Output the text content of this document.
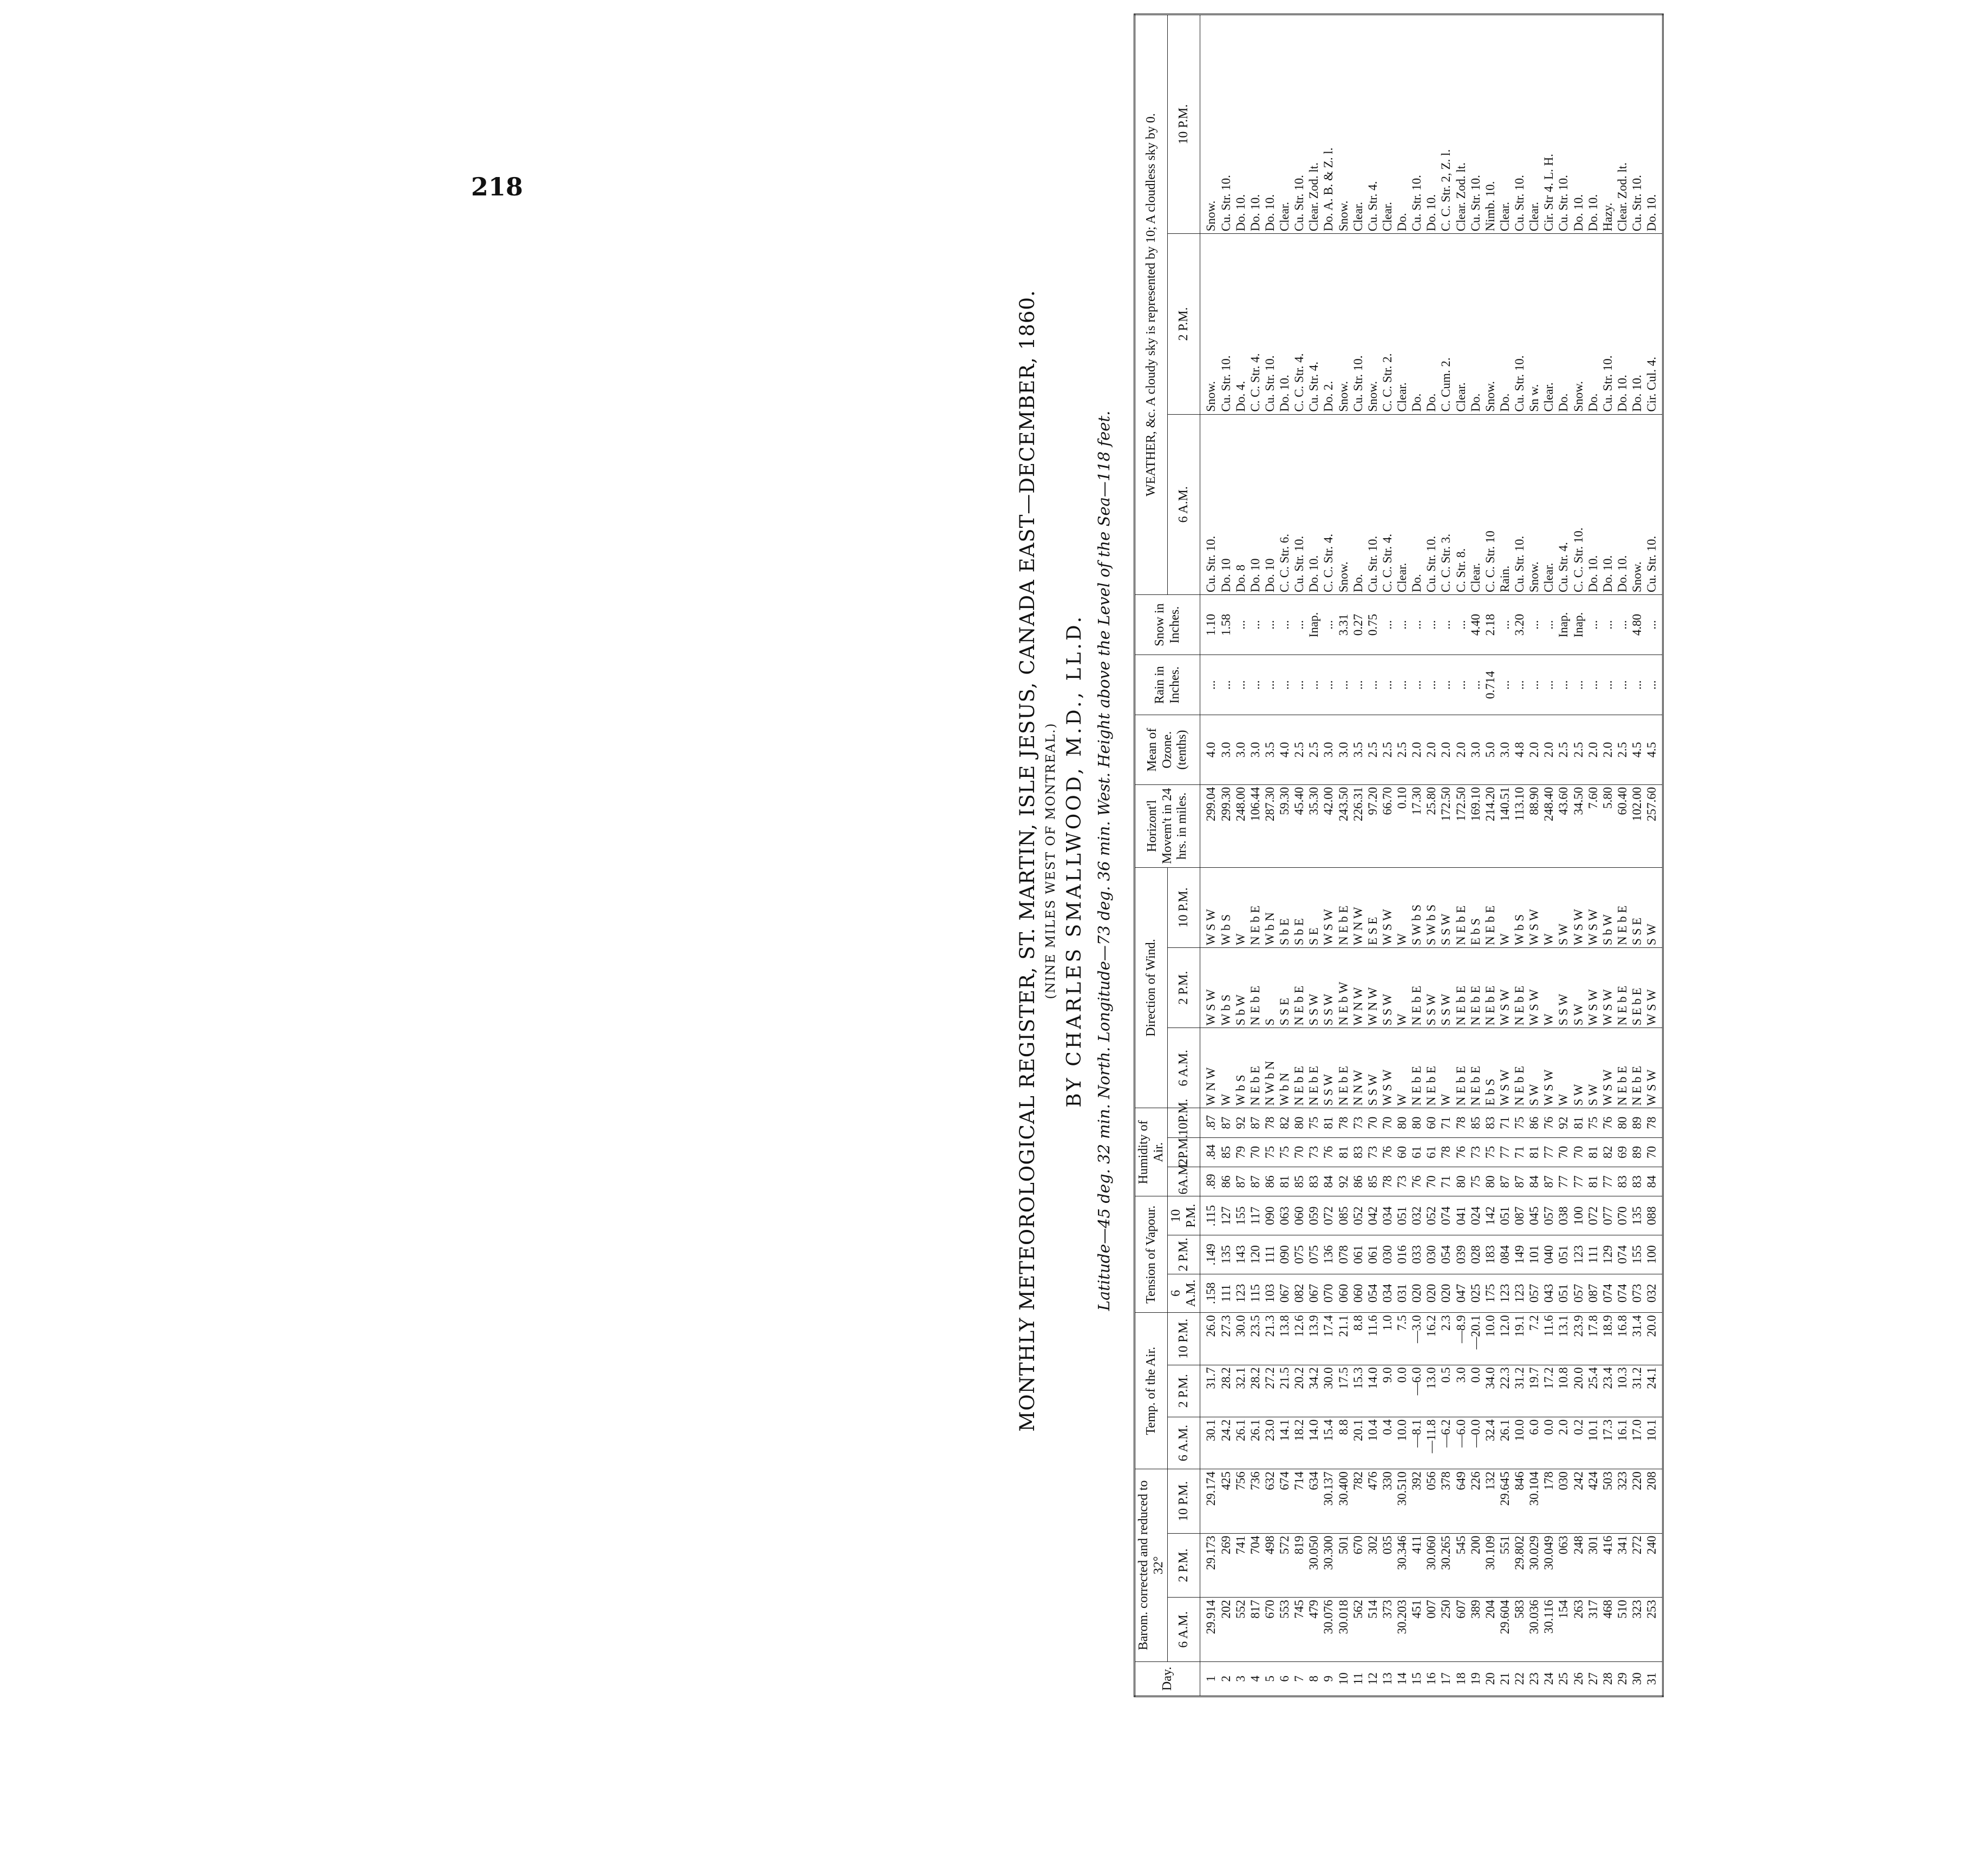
218
MONTHLY METEOROLOGICAL REGISTER, ST. MARTIN, ISLE JESUS, CANADA EAST—DECEMBER, 1860. (NINE MILES WEST OF MONTREAL.) BY CHARLES SMALLWOOD, M.D., LL.D. Latitude—45 deg. 32 min. North. Longitude—73 deg. 36 min. West. Height above the Level of the Sea—118 feet.
Day.	Barom. corrected and reduced to 32°			Temp. of the Air.			Tension of Vapour.			Humidity of Air.			Direction of Wind.			Horizont'l Movem't in 24 hrs. in miles.	Mean of Ozone. (tenths)	Rain in Inches.	Snow in Inches.	WEATHER, &c. A cloudy sky is represented by 10; A cloudless sky by 0.		
	6 A.M.	2 P.M.	10 P.M.	6 A.M.	2 P.M.	10 P.M.	6 A.M.	2 P.M.	10 P.M.	6A.M.	2P.M.	10P.M.	6 A.M.	2 P.M.	10 P.M.					6 A.M.	2 P.M.	10 P.M.
1	29.914	29.173	29.174	30.1	31.7	26.0	.158	.149	.115	.89	.84	.87	W N W	W S W	W S W	299.04	4.0	...	1.10	Cu. Str. 10.	Snow.	Snow.
2	202	269	425	24.2	28.2	27.3	111	135	127	86	85	87	W	W b S	W b S	299.30	3.0	...	1.58	Do. 10	Cu. Str. 10.	Cu. Str. 10.
3	552	741	756	26.1	32.1	30.0	123	143	155	87	79	92	W b S	S b W	W	248.00	3.0	...	...	Do. 8	Do. 4.	Do. 10.
4	817	704	736	26.1	28.2	23.5	115	120	117	87	70	87	N E b E	N E b E	N E b E	106.44	3.0	...	...	Do. 10	C. C. Str. 4.	Do. 10.
5	670	498	632	23.0	27.2	21.3	103	111	090	86	75	78	N W b N	S	W b N	287.30	3.5	...	...	Do. 10	Cu. Str. 10.	Do. 10.
6	553	572	674	14.1	21.5	13.8	067	090	063	81	75	82	W b N	S S E	S b E	59.30	4.0	...	...	C. C. Str. 6.	Do. 10.	Clear.
7	745	819	714	18.2	20.2	12.6	082	075	060	85	70	80	N E b E	N E b E	S b E	45.40	2.5	...	...	Cu. Str. 10.	C. C. Str. 4.	Cu. Str. 10.
8	479	30.050	634	14.0	34.2	13.9	067	075	059	83	73	75	N E b E	S S W	S E	35.30	2.5	...	Inap.	Do. 10.	Cu. Str. 4.	Clear. Zod. lt.
9	30.076	30.300	30.137	15.4	30.0	17.4	070	136	072	84	76	81	S S W	S S W	W S W	42.00	3.0	...	...	C. C. Str. 4.	Do. 2.	Do. A. B. & Z. l.
10	30.018	501	30.400	8.8	17.5	21.1	060	078	085	92	81	78	N E b E	N E b W	N E b E	243.50	3.0	...	3.31	Snow.	Snow.	Snow.
11	562	670	782	20.1	15.3	8.8	060	061	052	86	83	73	N N W	W N W	W N W	226.31	3.5	...	0.27	Do.	Cu. Str. 10.	Clear.
12	514	302	476	10.4	14.0	11.6	054	061	042	85	73	70	S S W	W N W	E S E	97.20	2.5	...	0.75	Cu. Str. 10.	Snow.	Cu. Str. 4.
13	373	035	330	0.4	9.0	1.0	034	030	034	78	76	70	W S W	S S W	W S W	66.70	2.5	...	...	C. C. Str. 4.	C. C. Str. 2.	Clear.
14	30.203	30.346	30.510	10.0	0.0	7.5	031	016	051	73	60	80	W	W	W	0.10	2.5	...	...	Clear.	Clear.	Do.
15	451	411	392	—8.1	—6.0	—3.0	020	033	032	76	61	80	N E b E	N E b E	S W b S	17.30	2.0	...	...	Do.	Do.	Cu. Str. 10.
16	007	30.060	056	—11.8	13.0	16.2	020	030	052	70	61	60	N E b E	S S W	S W b S	25.80	2.0	...	...	Cu. Str. 10.	Do.	Do. 10.
17	250	30.265	378	—6.2	0.5	2.3	020	054	074	71	78	71	W	S S W	S S W	172.50	2.0	...	...	C. C. Str. 3.	C. Cum. 2.	C. C. Str. 2, Z. l.
18	607	545	649	—6.0	3.0	—8.9	047	039	041	80	76	78	N E b E	N E b E	N E b E	172.50	2.0	...	...	C. Str. 8.	Clear.	Clear. Zod. lt.
19	389	200	226	—0.0	0.0	—20.1	025	028	024	75	73	85	N E b E	N E b E	E b S	169.10	3.0	...	4.40	Clear.	Do.	Cu. Str. 10.
20	204	30.109	132	32.4	34.0	10.0	175	183	142	80	75	83	E b S	N E b E	N E b E	214.20	5.0	0.714	2.18	C. C. Str. 10	Snow.	Nimb. 10.
21	29.604	551	29.645	26.1	22.3	12.0	123	084	051	87	77	71	W S W	W S W	W	140.51	3.0	...	...	Rain.	Do.	Clear.
22	583	29.802	846	10.0	31.2	19.1	123	149	087	87	71	75	N E b E	N E b E	W b S	113.10	4.8	...	3.20	Cu. Str. 10.	Cu. Str. 10.	Cu. Str. 10.
23	30.036	30.029	30.104	6.0	19.7	7.2	057	101	045	84	81	86	S W	W S W	W S W	88.90	2.0	...	...	Snow.	Sn w.	Clear.
24	30.116	30.049	178	0.0	17.2	11.6	043	040	057	87	77	76	W S W	W	W	248.40	2.0	...	...	Clear.	Clear.	Cir. Str 4. L. H.
25	154	063	030	2.0	10.8	13.1	051	051	038	77	70	92	W	S S W	S W	43.60	2.5	...	Inap.	Cu. Str. 4.	Do.	Cu. Str. 10.
26	263	248	242	0.2	20.0	23.9	057	123	100	77	70	81	S W	S W	W S W	34.50	2.5	...	Inap.	C. C. Str. 10.	Snow.	Do. 10.
27	317	301	424	10.1	25.4	17.8	087	111	072	81	81	75	S W	W S W	W S W	7.60	2.0	...	...	Do. 10.	Do.	Do. 10.
28	468	416	503	17.3	23.4	18.9	074	129	077	77	82	76	W S W	W S W	S b W	5.80	2.0	...	...	Do. 10.	Cu. Str. 10.	Hazy.
29	510	341	323	16.1	10.3	16.8	074	074	070	83	69	80	N E b E	N E b E	N E b E	60.40	2.5	...	...	Do. 10.	Do. 10.	Clear. Zod. lt.
30	323	272	220	17.0	31.2	31.4	073	155	135	83	89	89	N E b E	S E b E	S S E	102.00	4.5	...	4.80	Snow.	Do. 10.	Cu. Str. 10.
31	253	240	208	10.1	24.1	20.0	032	100	088	84	70	78	W S W	W S W	S W	257.60	4.5	...	...	Cu. Str. 10.	Cir. Cul. 4.	Do. 10.
